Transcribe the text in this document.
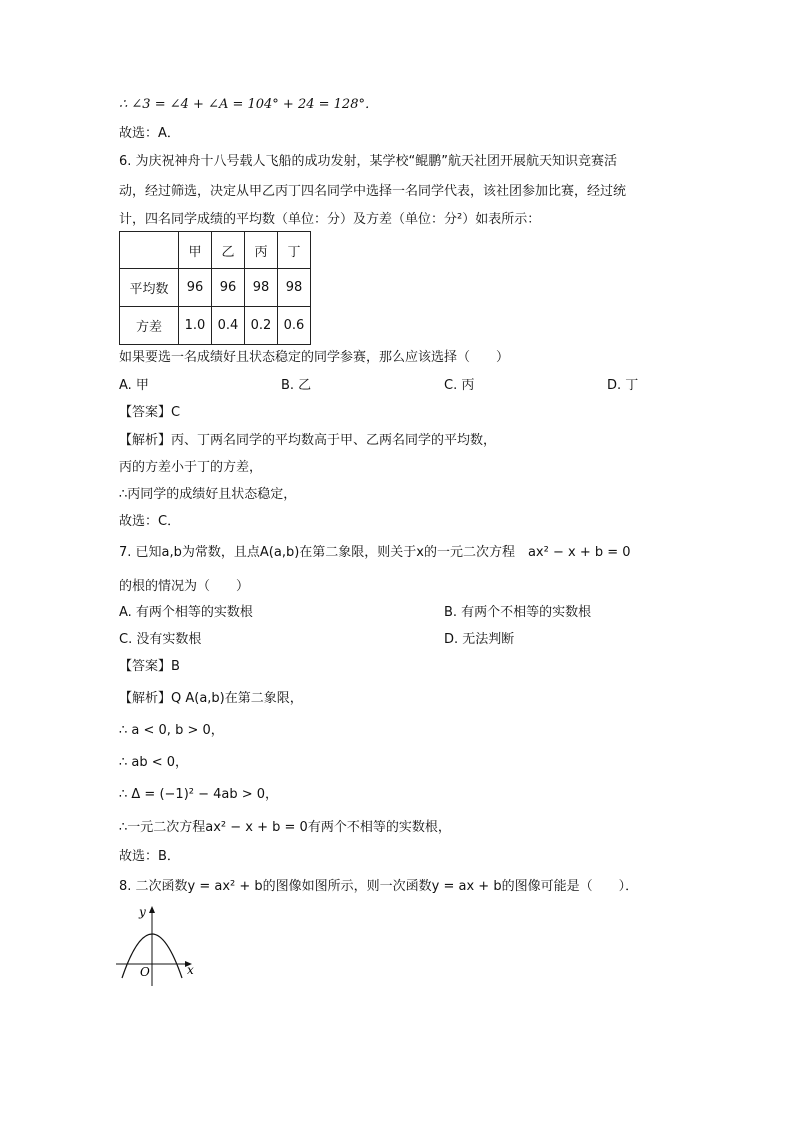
∴ ∠3 = ∠4 + ∠A = 104° + 24 = 128°．
故选：A．
6. 为庆祝神舟十八号载人飞船的成功发射，某学校“鲲鹏”航天社团开展航天知识竞赛活
动，经过筛选，决定从甲乙丙丁四名同学中选择一名同学代表，该社团参加比赛，经过统
计，四名同学成绩的平均数（单位：分）及方差（单位：分²）如表所示：
	甲	乙	丙	丁
平均数	96	96	98	98
方差	1.0	0.4	0.2	0.6
如果要选一名成绩好且状态稳定的同学参赛，那么应该选择（　　）
A. 甲	B. 乙	C. 丙	D. 丁
【答案】C
【解析】丙、丁两名同学的平均数高于甲、乙两名同学的平均数，
丙的方差小于丁的方差，
∴丙同学的成绩好且状态稳定，
故选：C．
7. 已知a,b为常数，且点A(a,b)在第二象限，则关于x的一元二次方程　ax² − x + b = 0
的根的情况为（　　）
A. 有两个相等的实数根	B. 有两个不相等的实数根
C. 没有实数根	D. 无法判断
【答案】B
【解析】Q A(a,b)在第二象限，
∴ a < 0, b > 0，
∴ ab < 0，
∴ Δ = (−1)² − 4ab > 0，
∴一元二次方程ax² − x + b = 0有两个不相等的实数根，
故选：B．
8. 二次函数y = ax² + b的图像如图所示，则一次函数y = ax + b的图像可能是（　　）．
y
x
O
